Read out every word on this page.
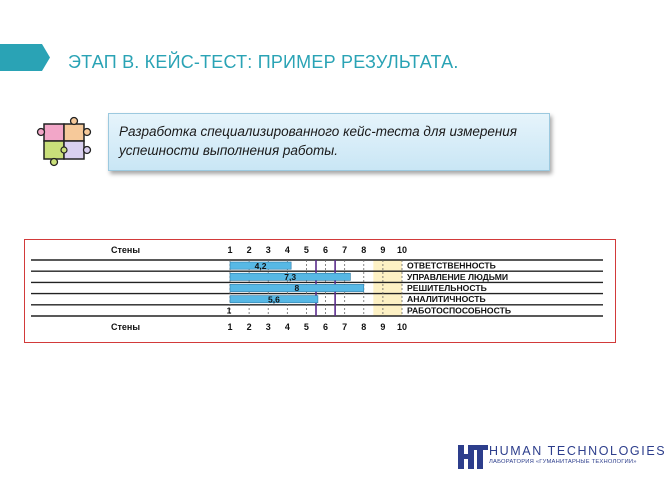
ЭТАП В. КЕЙС-ТЕСТ: ПРИМЕР РЕЗУЛЬТАТА.
Разработка специализированного кейс-теста для измерения успешности выполнения работы.
4,2	ОТВЕТСТВЕННОСТЬ
7,3	УПРАВЛЕНИЕ ЛЮДЬМИ
8	РЕШИТЕЛЬНОСТЬ
5,6	АНАЛИТИЧНОСТЬ
1	РАБОТОСПОСОБНОСТЬ
1
1
2
2
3
3
4
4
5
5
6
6
7
7
8
8
9
9
10
10
Стены
Стены
HUMAN TECHNOLOGIES
ЛАБОРАТОРИЯ «ГУМАНИТАРНЫЕ ТЕХНОЛОГИИ»
